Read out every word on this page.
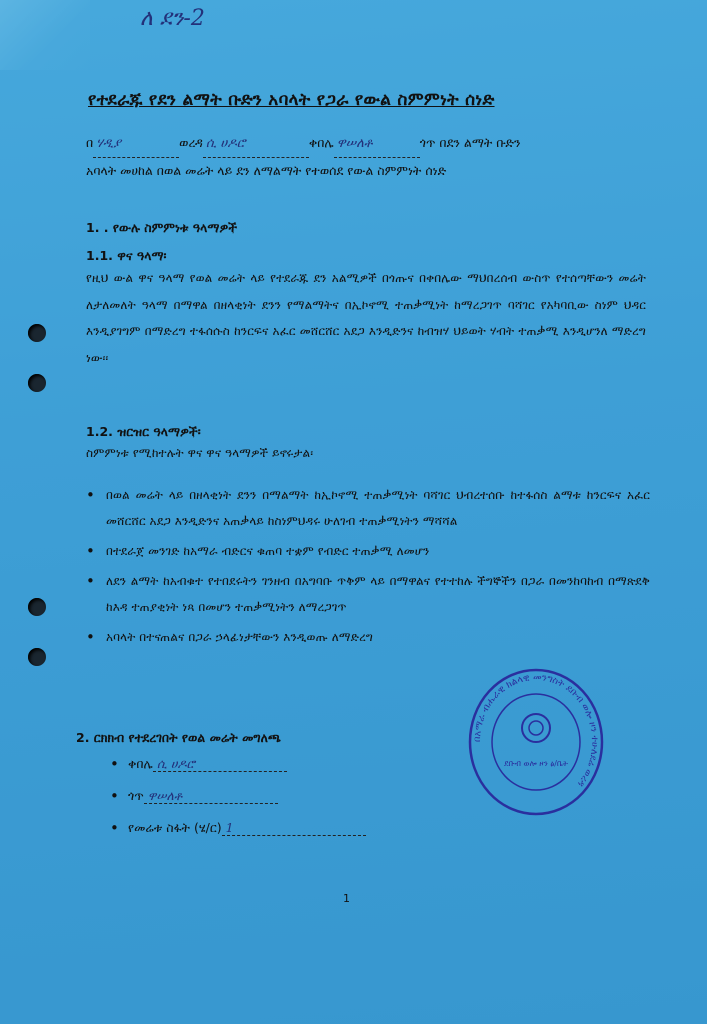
ለ ደን-2
የተደራጁ የደን ልማት ቡድን አባላት የጋራ የውል ስምምነት ሰነድ
በ ሃዲያ	ወረዳ ሲ ሀዶሮ	ቀበሌ ዋሠለቶ	ጎጥ በደን ልማት ቡድን
አባላት መሀከል በወል መሬት ላይ ደን ለማልማት የተወሰደ የውል ስምምነት ሰነድ
1. . የውሉ ስምምነቱ ዓላማዎች
1.1. ዋና ዓላማ፡
የዚህ ውል ዋና ዓላማ የወል መሬት ላይ የተደራጁ ደን አልሚዎች በጎጡና በቀበሌው ማህበረሰብ ውስጥ የተሰጣቸውን መሬት ለታለመለት ዓላማ በማዋል በዘላቂነት ደንን የማልማትና በኢኮኖሚ ተጠቃሚነት ከማረጋገጥ ባሻገር የአካባቢው ስነም ህዳር እንዲያገግም በማድረግ ተፋሰሱስ ከንርፍና አፈር መሸርሸር አደጋ እንዲድንና ከብዝሃ ህይወት ሃብት ተጠቃሚ እንዲሆንለ ማድረግ ነው፡፡
1.2. ዝርዝር ዓላማዎች፡
ስምምነቱ የሚከተሉት ዋና ዋና ዓላማዎች ይኖሩታል፡
• በወል መሬት ላይ በዘላቂነት ደንን በማልማት ከኢኮኖሚ ተጠቃሚነት ባሻገር ህብረተሰቡ ከተፋሰስ ልማቱ ከንርፍና አፈር መሸርሸር አደጋ እንዲድንና አጠቃላይ ከስነምህዳሩ ሁለገብ ተጠቃሚነትን ማሻሻል
• በተደራጀ መንገድ ከአማራ ብድርና ቁጠባ ተቋም የብድር ተጠቃሚ ለመሆን
• ለደን ልማት ከአብቁተ የተበደሩትን ገንዘብ በአግባቡ ጥቅም ላይ በማዋልና የተተከሉ ችግኞችን በጋራ በመንከባከብ በማጽደቅ ከእዳ ተጠያቂነት ነጻ በመሆን ተጠቃሚነትን ለማረጋገጥ
• አባላት በተናጠልና በጋራ ኃላፊነታቸውን እንዲወጡ ለማድረግ
2. ርክክብ የተደረገበት የወል መሬት መግለጫ
• ቀበሌ ሲ ሀዶሮ
• ጎጥ ዋሠለቶ
• የመሬቱ ስፋት (ሄ/ር) 1
በአማራ ብሔራዊ ክልላዊ መንግስት ደቡብ ወሎ ዞን ተሁለደሬ ወረዳ
ደቡብ ወሎ ዞን ፅ/ቤት
1
